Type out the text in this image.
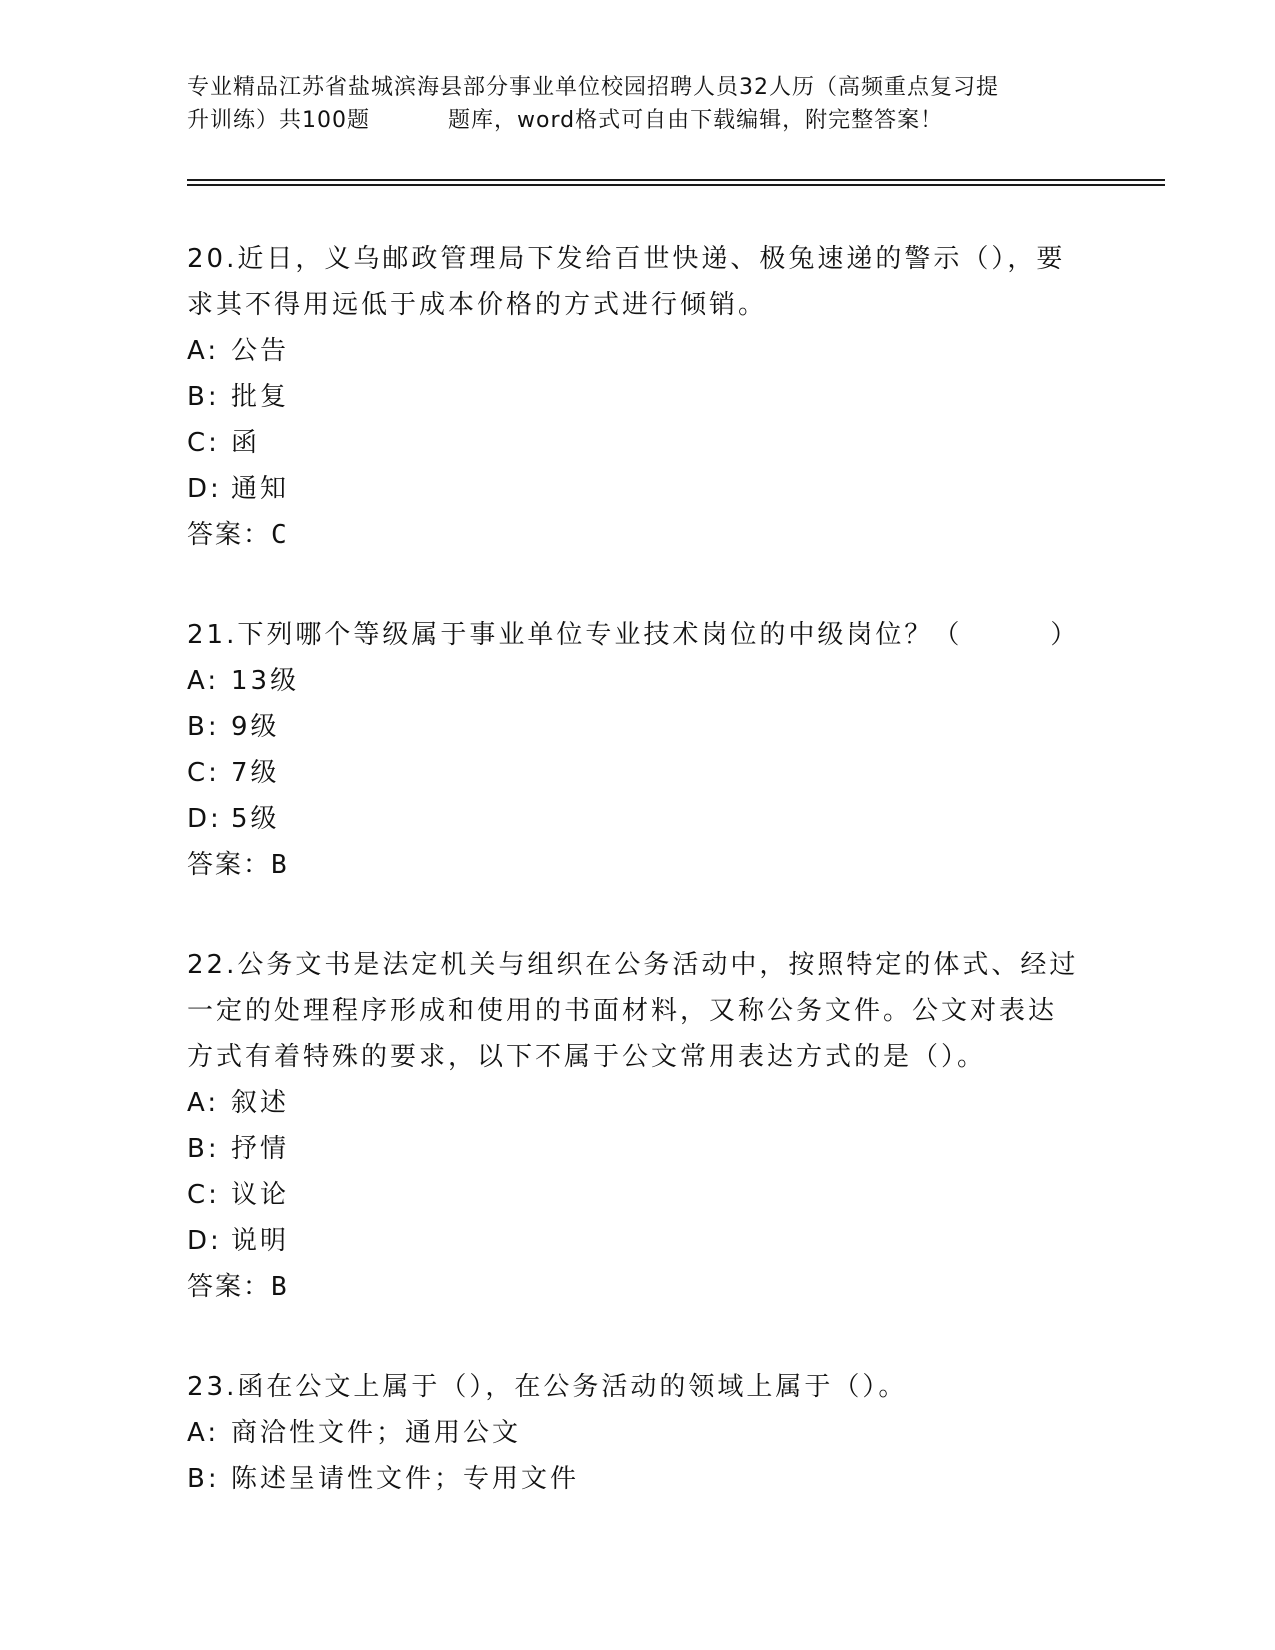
专业精品江苏省盐城滨海县部分事业单位校园招聘人员32人历（高频重点复习提
升训练）共100题	题库，word格式可自由下载编辑，附完整答案！
20.近日，义乌邮政管理局下发给百世快递、极兔速递的警示（），要求其不得用远低于成本价格的方式进行倾销。
A: 公告
B: 批复
C: 函
D: 通知
答案：C
21.下列哪个等级属于事业单位专业技术岗位的中级岗位？（	）
A: 13级
B: 9级
C: 7级
D: 5级
答案：B
22.公务文书是法定机关与组织在公务活动中，按照特定的体式、经过一定的处理程序形成和使用的书面材料，又称公务文件。公文对表达方式有着特殊的要求，以下不属于公文常用表达方式的是（）。
A: 叙述
B: 抒情
C: 议论
D: 说明
答案：B
23.函在公文上属于（），在公务活动的领域上属于（）。
A: 商洽性文件；通用公文
B: 陈述呈请性文件；专用文件
